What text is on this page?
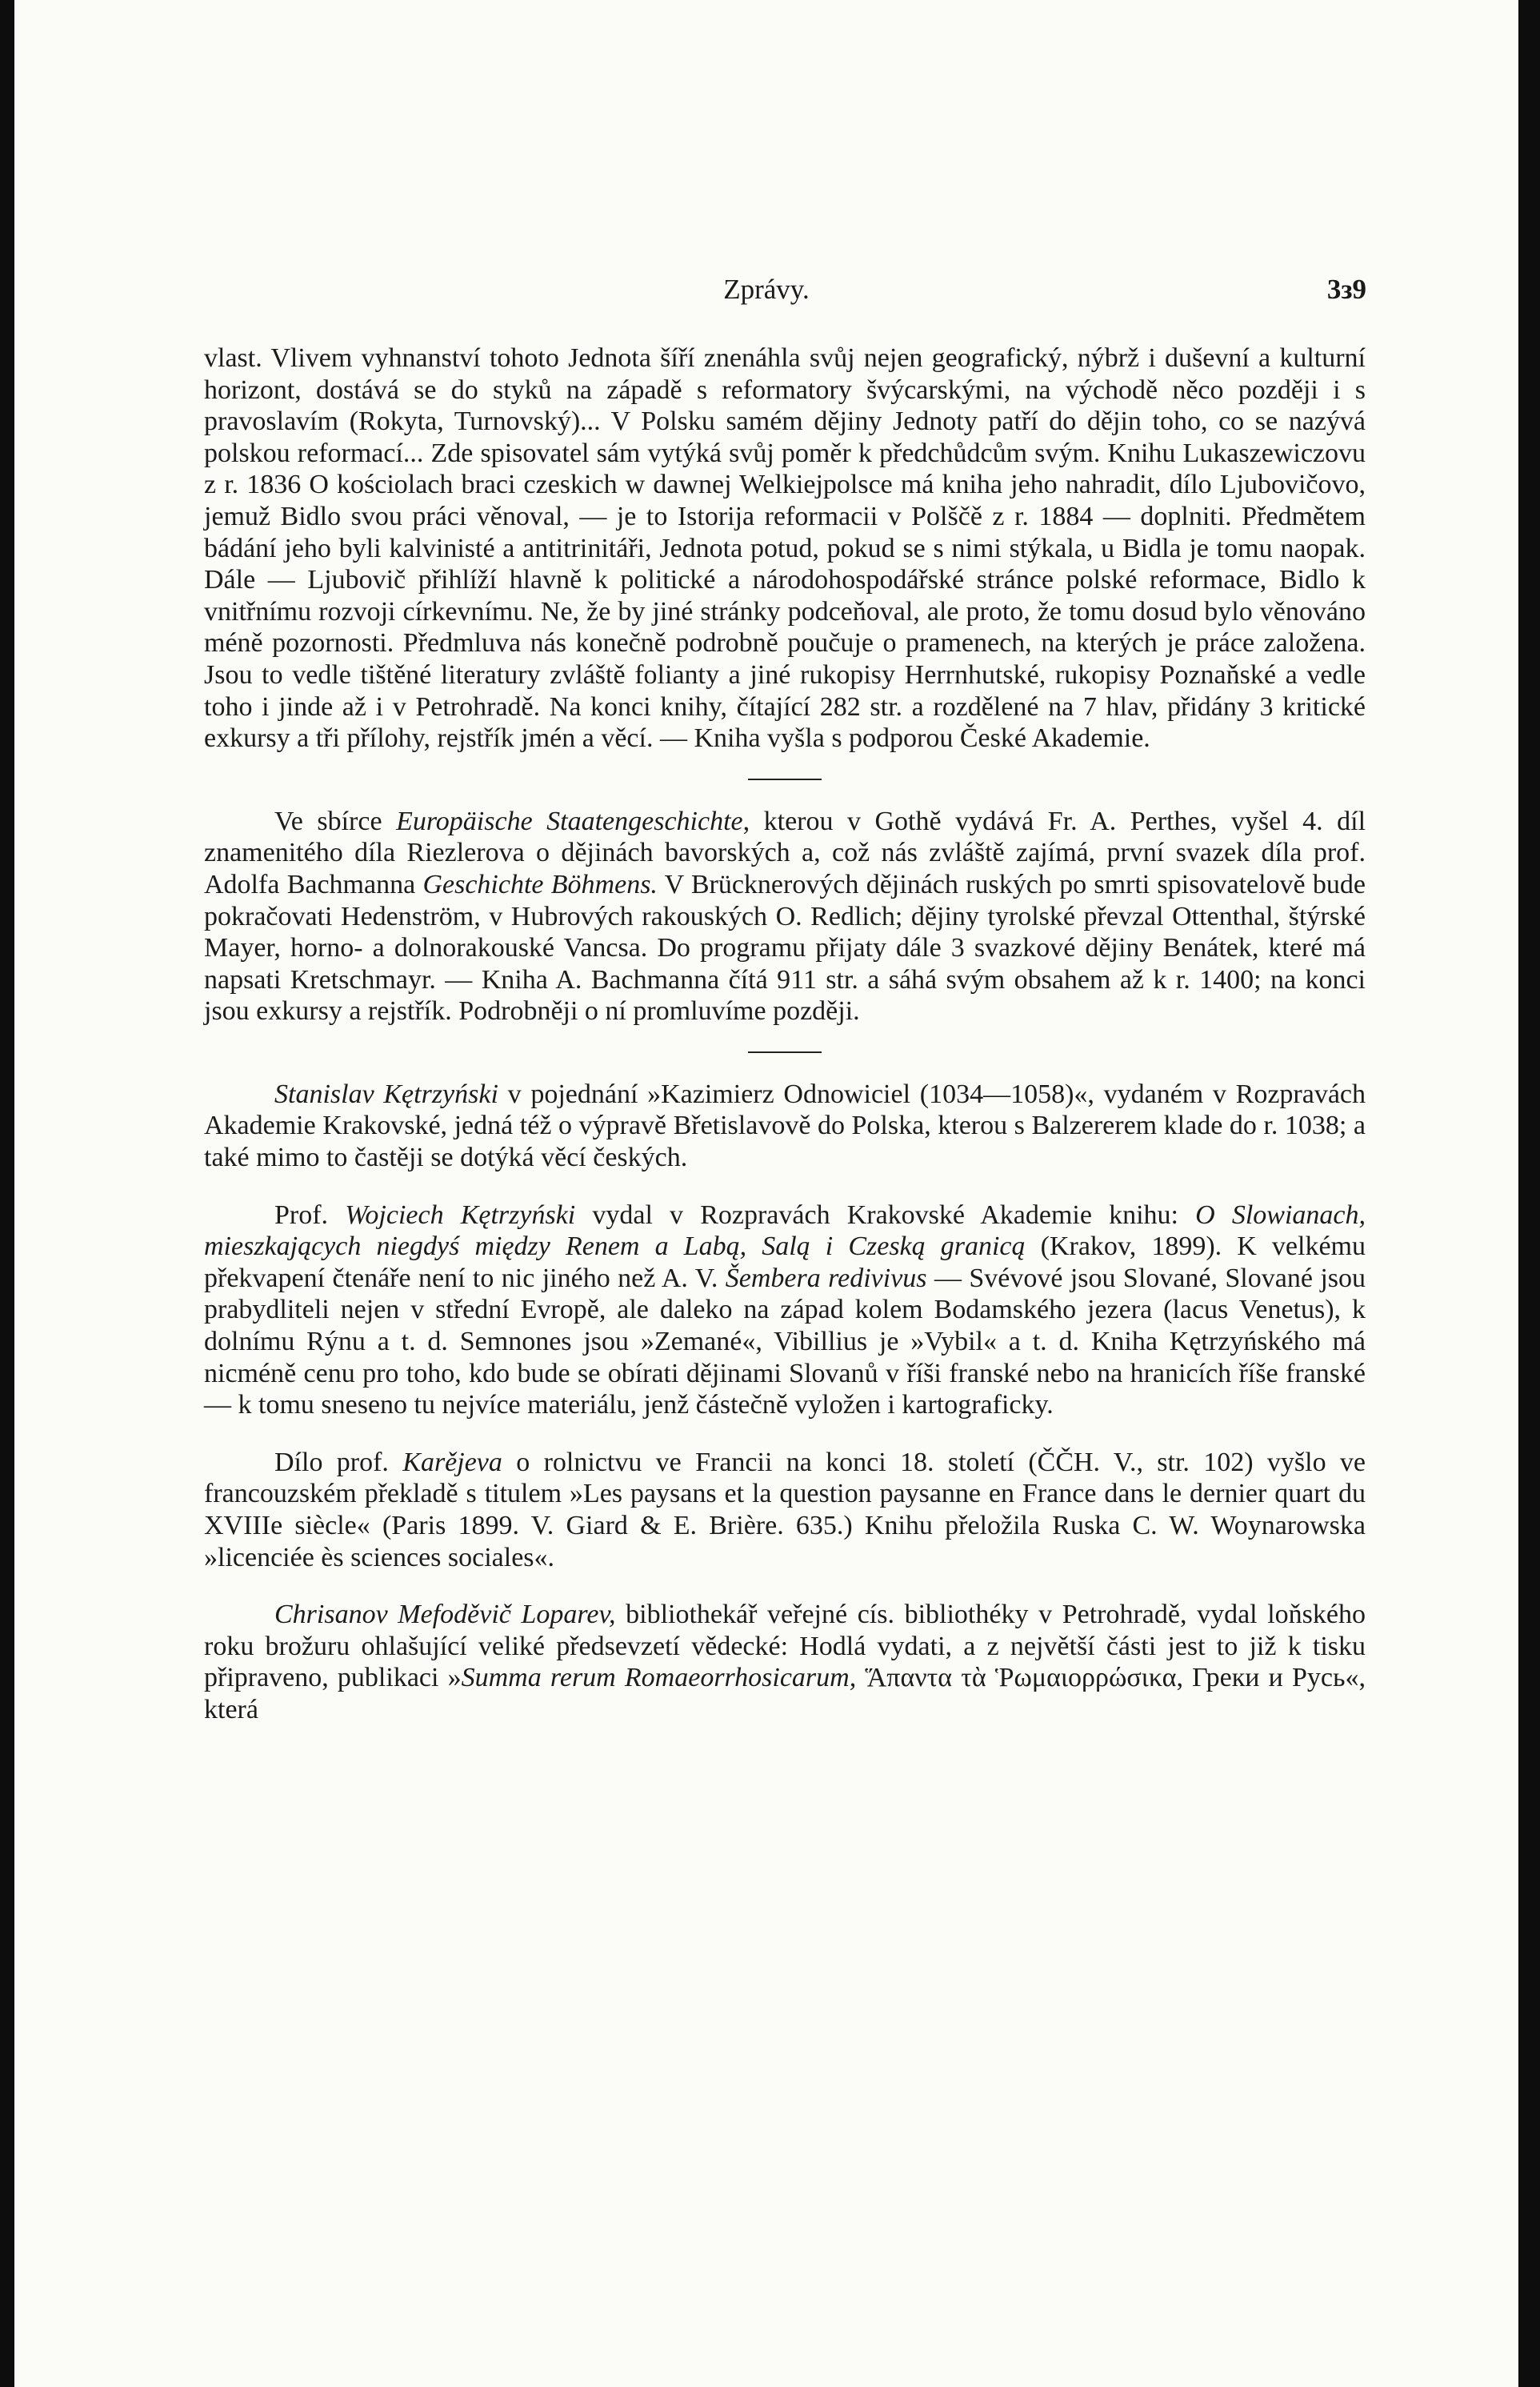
Zprávy.	3з9

vlast. Vlivem vyhnanství tohoto Jednota šíří znenáhla svůj nejen geografický, nýbrž i duševní a kulturní horizont, dostává se do styků na západě s reformatory švýcarskými, na východě něco později i s pravoslavím (Rokyta, Turnovský)... V Polsku samém dějiny Jednoty patří do dějin toho, co se nazývá polskou reformací... Zde spisovatel sám vytýká svůj poměr k předchůdcům svým. Knihu Lukaszewiczovu z r. 1836 O kościolach braci czeskich w dawnej Welkiejpolsce má kniha jeho nahradit, dílo Ljubovičovo, jemuž Bidlo svou práci věnoval, — je to Istorija reformacii v Polščě z r. 1884 — doplniti. Předmětem bádání jeho byli kalvinisté a antitrinitáři, Jednota potud, pokud se s nimi stýkala, u Bidla je tomu naopak. Dále — Ljubovič přihlíží hlavně k politické a národohospodářské stránce polské reformace, Bidlo k vnitřnímu rozvoji církevnímu. Ne, že by jiné stránky podceňoval, ale proto, že tomu dosud bylo věnováno méně pozornosti. Předmluva nás konečně podrobně poučuje o pramenech, na kterých je práce založena. Jsou to vedle tištěné literatury zvláště folianty a jiné rukopisy Herrnhutské, rukopisy Poznaňské a vedle toho i jinde až i v Petrohradě. Na konci knihy, čítající 282 str. a rozdělené na 7 hlav, přidány 3 kritické exkursy a tři přílohy, rejstřík jmén a věcí. — Kniha vyšla s podporou České Akademie.

Ve sbírce Europäische Staatengeschichte, kterou v Gothě vydává Fr. A. Perthes, vyšel 4. díl znamenitého díla Riezlerova o dějinách bavorských a, což nás zvláště zajímá, první svazek díla prof. Adolfa Bachmanna Geschichte Böhmens. V Brücknerových dějinách ruských po smrti spisovatelově bude pokračovati Hedenström, v Hubrových rakouských O. Redlich; dějiny tyrolské převzal Ottenthal, štýrské Mayer, horno- a dolnorakouské Vancsa. Do programu přijaty dále 3 svazkové dějiny Benátek, které má napsati Kretschmayr. — Kniha A. Bachmanna čítá 911 str. a sáhá svým obsahem až k r. 1400; na konci jsou exkursy a rejstřík. Podrobněji o ní promluvíme později.

Stanislav Kętrzyński v pojednání »Kazimierz Odnowiciel (1034—1058)«, vydaném v Rozpravách Akademie Krakovské, jedná též o výpravě Břetislavově do Polska, kterou s Balzererem klade do r. 1038; a také mimo to častěji se dotýká věcí českých.

Prof. Wojciech Kętrzyński vydal v Rozpravách Krakovské Akademie knihu: O Slowianach, mieszkających niegdyś między Renem a Labą, Salą i Czeską granicą (Krakov, 1899). K velkému překvapení čtenáře není to nic jiného než A. V. Šembera redivivus — Svévové jsou Slované, Slované jsou prabydliteli nejen v střední Evropě, ale daleko na západ kolem Bodamského jezera (lacus Venetus), k dolnímu Rýnu a t. d. Semnones jsou »Zemané«, Vibillius je »Vybil« a t. d. Kniha Kętrzyńského má nicméně cenu pro toho, kdo bude se obírati dějinami Slovanů v říši franské nebo na hranicích říše franské — k tomu sneseno tu nejvíce materiálu, jenž částečně vyložen i kartograficky.

Dílo prof. Karějeva o rolnictvu ve Francii na konci 18. století (ČČH. V., str. 102) vyšlo ve francouzském překladě s titulem »Les paysans et la question paysanne en France dans le dernier quart du XVIIIe siècle« (Paris 1899. V. Giard & E. Brière. 635.) Knihu přeložila Ruska C. W. Woynarowska »licenciée ès sciences sociales«.

Chrisanov Mefoděvič Loparev, bibliothekář veřejné cís. bibliothéky v Petrohradě, vydal loňského roku brožuru ohlašující veliké předsevzetí vědecké: Hodlá vydati, a z největší části jest to již k tisku připraveno, publikaci »Summa rerum Romaeorrhosicarum, Ἅπαντα τὰ Ῥωμαιορρώσικα, Греки и Русь«, která
